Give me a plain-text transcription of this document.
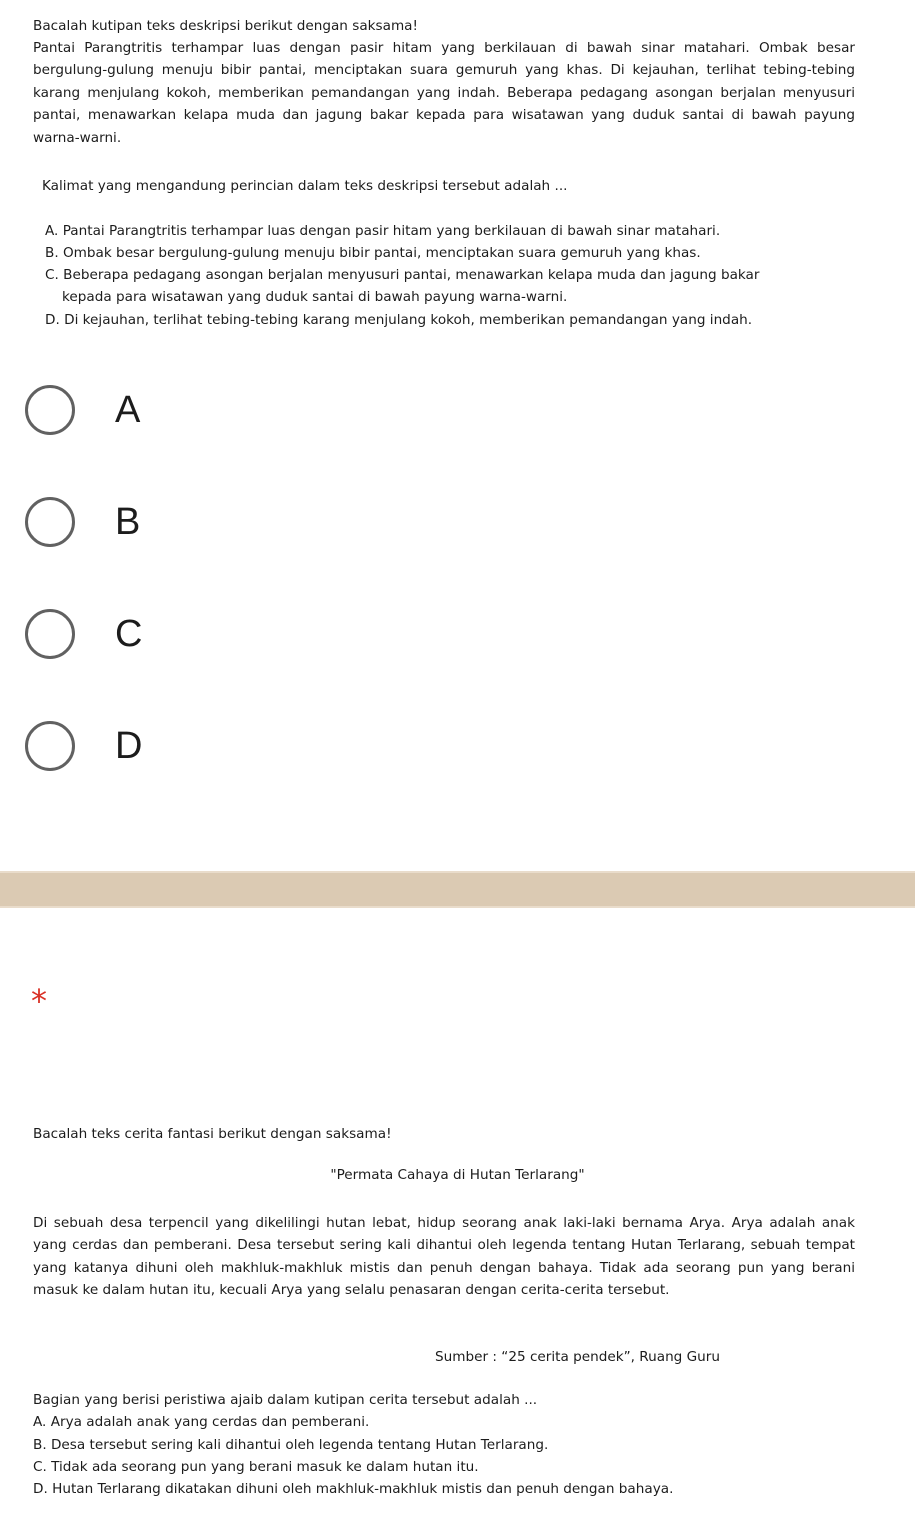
Bacalah kutipan teks deskripsi berikut dengan saksama!

Pantai Parangtritis terhampar luas dengan pasir hitam yang berkilauan di bawah sinar matahari. Ombak besar bergulung-gulung menuju bibir pantai, menciptakan suara gemuruh yang khas. Di kejauhan, terlihat tebing-tebing karang menjulang kokoh, memberikan pemandangan yang indah. Beberapa pedagang asongan berjalan menyusuri pantai, menawarkan kelapa muda dan jagung bakar kepada para wisatawan yang duduk santai di bawah payung warna-warni.

Kalimat yang mengandung perincian dalam teks deskripsi tersebut adalah ...

A. Pantai Parangtritis terhampar luas dengan pasir hitam yang berkilauan di bawah sinar matahari.
B. Ombak besar bergulung-gulung menuju bibir pantai, menciptakan suara gemuruh yang khas.
C. Beberapa pedagang asongan berjalan menyusuri pantai, menawarkan kelapa muda dan jagung bakar
kepada para wisatawan yang duduk santai di bawah payung warna-warni.
D. Di kejauhan, terlihat tebing-tebing karang menjulang kokoh, memberikan pemandangan yang indah.
A
B
C
D
*

Bacalah teks cerita fantasi berikut dengan saksama!

"Permata Cahaya di Hutan Terlarang"

Di sebuah desa terpencil yang dikelilingi hutan lebat, hidup seorang anak laki-laki bernama Arya. Arya adalah anak yang cerdas dan pemberani. Desa tersebut sering kali dihantui oleh legenda tentang Hutan Terlarang, sebuah tempat yang katanya dihuni oleh makhluk-makhluk mistis dan penuh dengan bahaya. Tidak ada seorang pun yang berani masuk ke dalam hutan itu, kecuali Arya yang selalu penasaran dengan cerita-cerita tersebut.

Sumber : “25 cerita pendek”, Ruang Guru

Bagian yang berisi peristiwa ajaib dalam kutipan cerita tersebut adalah ...

A. Arya adalah anak yang cerdas dan pemberani.
B. Desa tersebut sering kali dihantui oleh legenda tentang Hutan Terlarang.
C. Tidak ada seorang pun yang berani masuk ke dalam hutan itu.
D. Hutan Terlarang dikatakan dihuni oleh makhluk-makhluk mistis dan penuh dengan bahaya.
